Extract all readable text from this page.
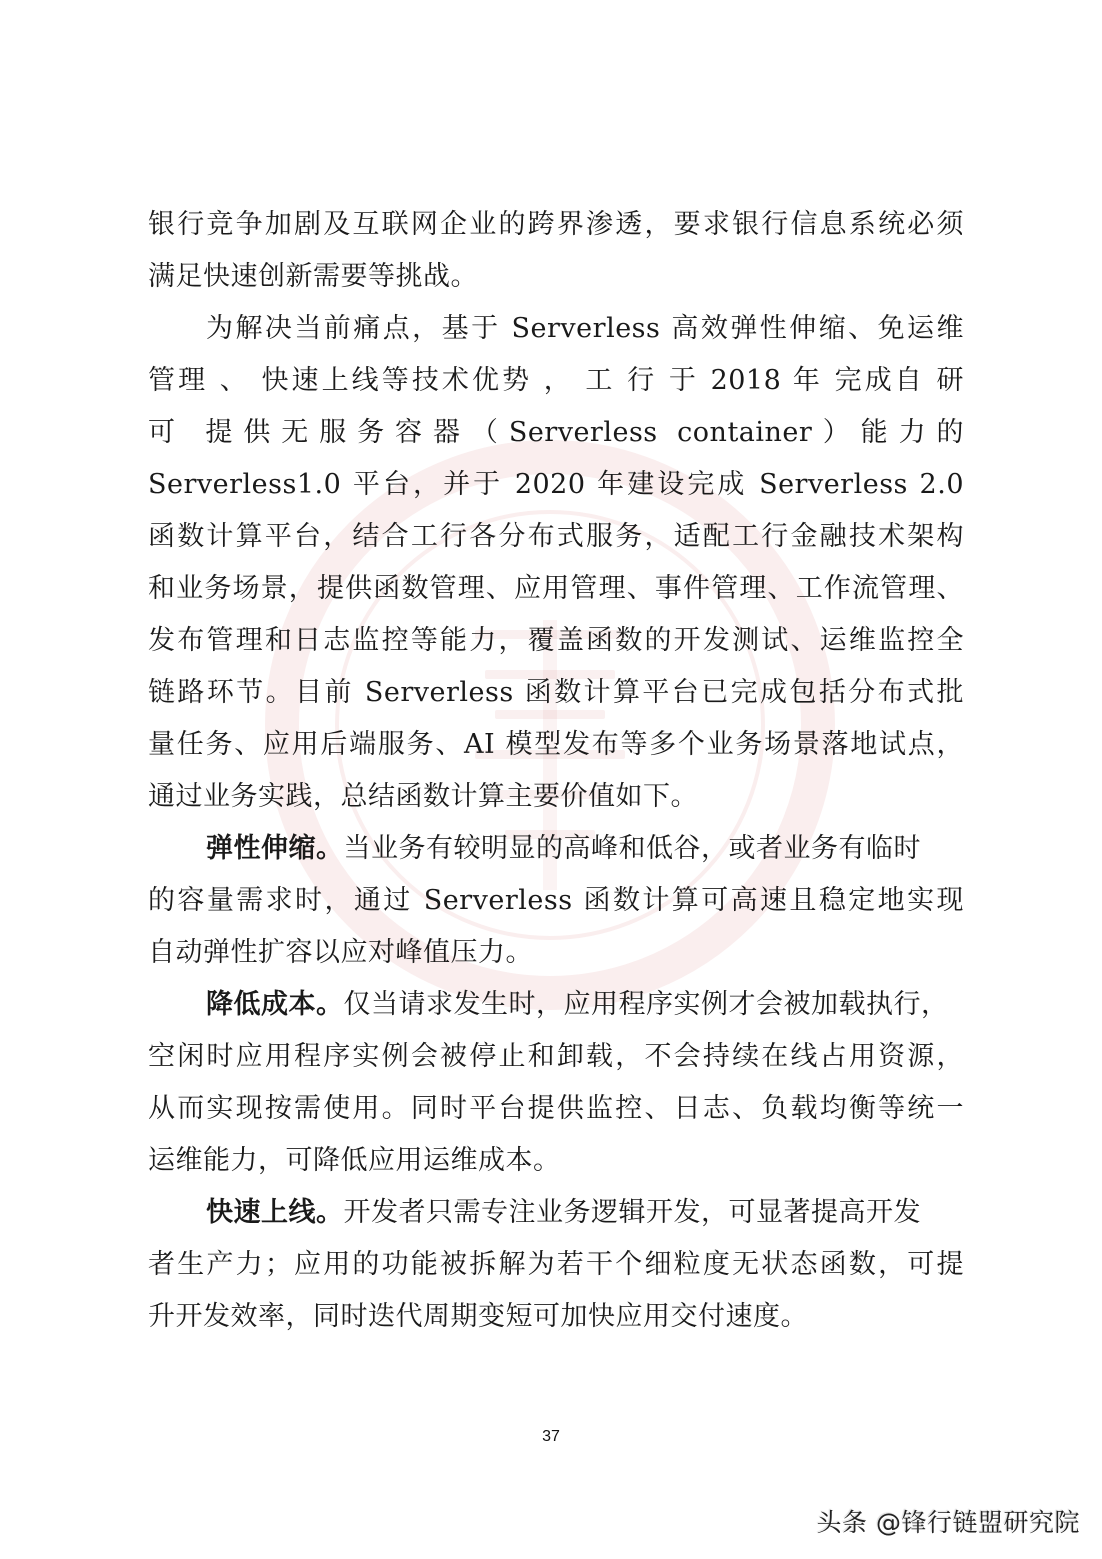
银行竞争加剧及互联网企业的跨界渗透，要求银行信息系统必须
满足快速创新需要等挑战。
为解决当前痛点，基于 Serverless 高效弹性伸缩、免运维
管理 、 快速上线等技术优势 ， 工 行 于 2018 年 完成自 研
可 提供无服务容器（Serverless container）能力的
Serverless1.0 平台，并于 2020 年建设完成 Serverless 2.0
函数计算平台，结合工行各分布式服务，适配工行金融技术架构
和业务场景，提供函数管理、应用管理、事件管理、工作流管理、
发布管理和日志监控等能力，覆盖函数的开发测试、运维监控全
链路环节。目前 Serverless 函数计算平台已完成包括分布式批
量任务、应用后端服务、AI 模型发布等多个业务场景落地试点，
通过业务实践，总结函数计算主要价值如下。
弹性伸缩。当业务有较明显的高峰和低谷，或者业务有临时
的容量需求时，通过 Serverless 函数计算可高速且稳定地实现
自动弹性扩容以应对峰值压力。
降低成本。仅当请求发生时，应用程序实例才会被加载执行，
空闲时应用程序实例会被停止和卸载，不会持续在线占用资源，
从而实现按需使用。同时平台提供监控、日志、负载均衡等统一
运维能力，可降低应用运维成本。
快速上线。开发者只需专注业务逻辑开发，可显著提高开发
者生产力；应用的功能被拆解为若干个细粒度无状态函数，可提
升开发效率，同时迭代周期变短可加快应用交付速度。
37
头条 @锋行链盟研究院
